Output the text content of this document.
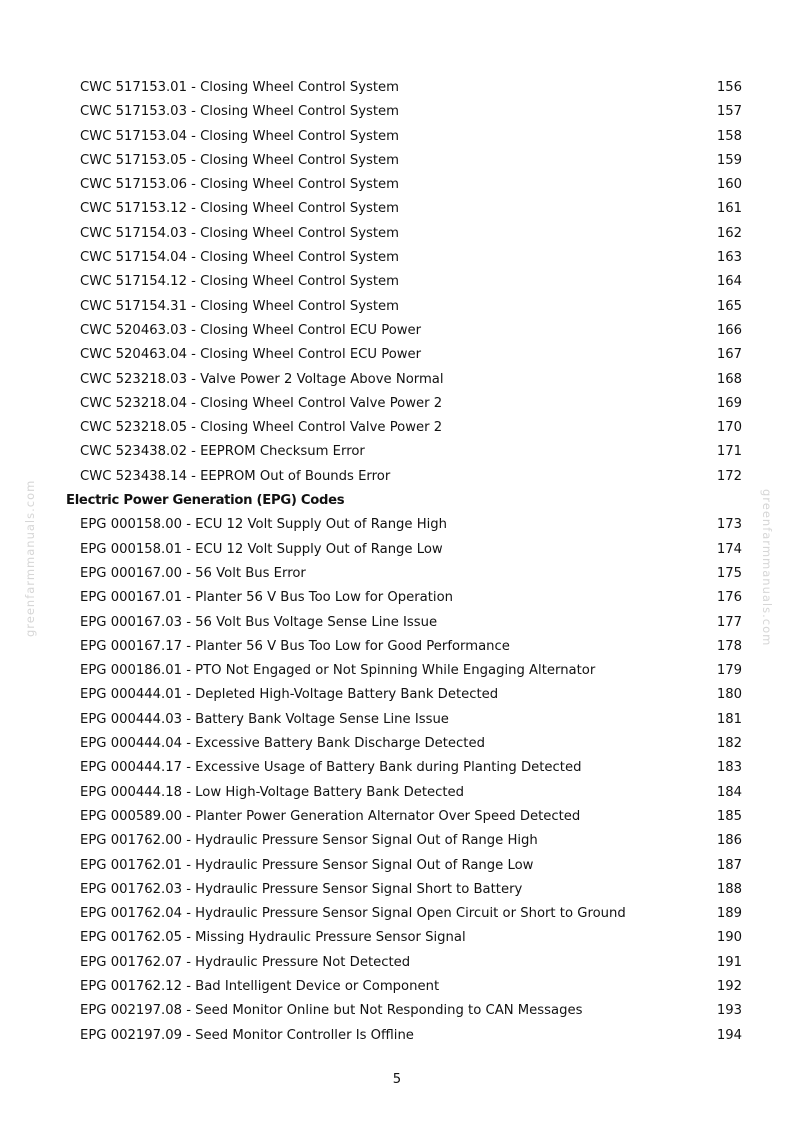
CWC 517153.01 - Closing Wheel Control System	156
CWC 517153.03 - Closing Wheel Control System	157
CWC 517153.04 - Closing Wheel Control System	158
CWC 517153.05 - Closing Wheel Control System	159
CWC 517153.06 - Closing Wheel Control System	160
CWC 517153.12 - Closing Wheel Control System	161
CWC 517154.03 - Closing Wheel Control System	162
CWC 517154.04 - Closing Wheel Control System	163
CWC 517154.12 - Closing Wheel Control System	164
CWC 517154.31 - Closing Wheel Control System	165
CWC 520463.03 - Closing Wheel Control ECU Power	166
CWC 520463.04 - Closing Wheel Control ECU Power	167
CWC 523218.03 - Valve Power 2 Voltage Above Normal	168
CWC 523218.04 - Closing Wheel Control Valve Power 2	169
CWC 523218.05 - Closing Wheel Control Valve Power 2	170
CWC 523438.02 - EEPROM Checksum Error	171
CWC 523438.14 - EEPROM Out of Bounds Error	172
Electric Power Generation (EPG) Codes
EPG 000158.00 - ECU 12 Volt Supply Out of Range High	173
EPG 000158.01 - ECU 12 Volt Supply Out of Range Low	174
EPG 000167.00 - 56 Volt Bus Error	175
EPG 000167.01 - Planter 56 V Bus Too Low for Operation	176
EPG 000167.03 - 56 Volt Bus Voltage Sense Line Issue	177
EPG 000167.17 - Planter 56 V Bus Too Low for Good Performance	178
EPG 000186.01 - PTO Not Engaged or Not Spinning While Engaging Alternator	179
EPG 000444.01 - Depleted High-Voltage Battery Bank Detected	180
EPG 000444.03 - Battery Bank Voltage Sense Line Issue	181
EPG 000444.04 - Excessive Battery Bank Discharge Detected	182
EPG 000444.17 - Excessive Usage of Battery Bank during Planting Detected	183
EPG 000444.18 - Low High-Voltage Battery Bank Detected	184
EPG 000589.00 - Planter Power Generation Alternator Over Speed Detected	185
EPG 001762.00 - Hydraulic Pressure Sensor Signal Out of Range High	186
EPG 001762.01 - Hydraulic Pressure Sensor Signal Out of Range Low	187
EPG 001762.03 - Hydraulic Pressure Sensor Signal Short to Battery	188
EPG 001762.04 - Hydraulic Pressure Sensor Signal Open Circuit or Short to Ground	189
EPG 001762.05 - Missing Hydraulic Pressure Sensor Signal	190
EPG 001762.07 - Hydraulic Pressure Not Detected	191
EPG 001762.12 - Bad Intelligent Device or Component	192
EPG 002197.08 - Seed Monitor Online but Not Responding to CAN Messages	193
EPG 002197.09 - Seed Monitor Controller Is Offline	194
greenfarmmanuals.com	greenfarmmanuals.com
5
